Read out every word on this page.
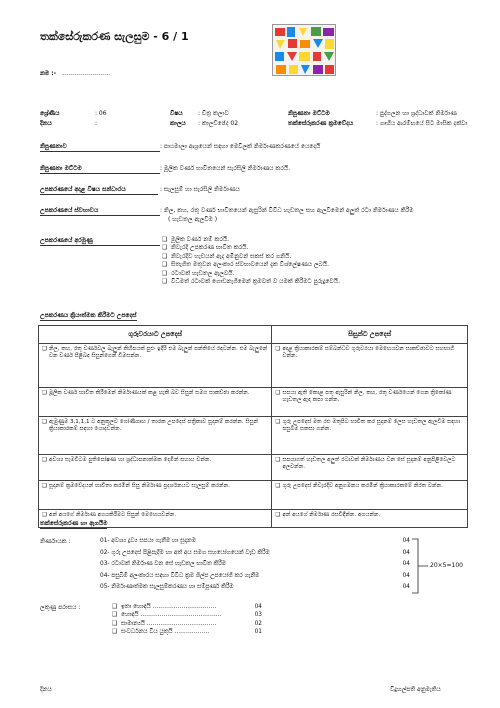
තක්සේරුකරණ සැලසුම - 6 / 1
නම :- ……………………
ශ්‍රේණිය	: 06	විෂය	: චිත්‍ර කලාව	නිපුණතා මට්ටම	: පුද්ගලන හා ශ්‍රද්ධාවක් නිර්මාණ
දිනය	:	කාලය	: කාලච්ඡේද 02	තක්සේරුකරණ ක්‍රමවේදය	: ගෘහීය ආරම්භයේ සිට මාසික දක්වා
නිපුණතාව	: පාඨමාලා ආශ්‍රයෙන් සඳහා මෙවිලක් නිර්මාණකරණයේ යෙදෙයි
නිපුණතා මට්ටම	: මූලික වර්ණ භාවිතයෙන් සැරසිලි නිර්මාණය කරයි.
උපකරණයේ අදාළ විෂය සන්ධාරය	: සැලසුම් හා සැරසිලි නිර්මාණය
උපකරණයේ ස්වභාවය	: නිල, කහ, රතු වර්ණ භාවිතයෙන් ඇසුරින් විවිධ හැඩතල සහ ඇලවීමෙන් අලුත් රටා නිර්මාණය කිරීම
( හැඩතල ඇලවීම )
උපකරණයේ අරමුණු	❑ මූලික වර්ණ නම් කරයි.
❑ නිවැරදි උපකරණ භාවිත කරයි.
❑ නිවැරදිව හැඩයන් ඇද අමිනුවන් සකස් කර ගනියි.
❑ සිතැගිත මතුවන අලංකාර ස්වභාවයෙන් දැක විශ්ලේෂණය ලබයි.
❑ රටාවක් හැඩතල ඇලවයි.
❑ විධිමත් රටාවක් ගොඩනැගීමෙන් ක්‍රමවත් ව යමක් කිරීමට පුරුදුවෙයි.
උපකරණය ක්‍රියාත්මක කිරීමට උපදෙස්
ගුරුවරයාට උපදෙස්	සිසුන්ට උපදෙස්

❑ නිල, කහ, රතු වර්ණවල බැලුන් කිහිපයක් පුළුං ඉදිරි එම බැලුන් පන්තියේ රඳවන්න. එම බැලුනේ වන වර්ණ පිළිබඳ සිසුන්ගෙන් විමසන්න.	❑ අදාළ ක්‍රියාකාරකම් සම්බන්ධව ගුරුවරයා මෙහෙයවන සාකච්ඡාවට සහභාගී වන්න.

❑ මූලික වර්ණ භාවිත කිරීමෙන් නිර්මාණයක් කළ හැකි බව සිසුන් සමග සාකච්ඡා කරන්න.	❑ සපයා ඇති කොළ පතු ඇසුරින් නිල, කහ, රතු වර්ණයෙන් ගෙන ත්‍රිකෝණ හැඩතල ඇඳ කපා ගන්න.

❑ ඇමුණුම 3,1,1,1 ට අනුකූලව ගෝණිගෘහ / තාරක උපදෙස් පත්‍රිකාව සූදානම් කරන්න. සිසුන් ක්‍රියාකාරකම් සඳහා යොදවන්න.	❑ ගුරු උපදෙස් මත රළු මතුපිට භාවිත කර සූදානම් ලෙස හැඩතල ඇලවීම සඳහා පසුබිම සකසා ගන්න.

❑ අවශ්‍ය සැමවිටම පුතිපෝෂණ හා ශ්‍රද්ධාපනාත්මක දෙමින් සහාය වන්න.	❑ සපයාගත් හැඩතල අලුත් රටාවක් නිර්මාණය වන සේ සූදානම් අනුපිළිවෙලට අලවන්න.

❑ සූදානම් ක්‍රමවේදයන් භාවිතා කරමින් සිසු නිර්මාණ ප්‍රදර්ශනයට සැලසුම් කරන්න.	❑ ගුරු උපදෙස් නිවැරදිව අනුගමනය කරමින් ක්‍රියාකාරකමේ නිරත වන්න.

❑ අන් අයගේ නිර්මාණ අගයකිරීමට සිසුන් මෙහෙයවන්න.	❑ අන් අයගේ නිර්මාණ රසවිඳින්න. අගයන්න.
තක්සේරුකරණ හා ඇගයීම
නිර්ණායක :	01- අවශ්‍ය ද්‍රව්‍ය සපයා ගැනීම හා සූදානම	04
02- ගුරු උපදෙස් පිළිපැදීම හා අත් අය සමග සහයෝගයෙන් වැඩ කිරීම	04
03- රටාවක් නිර්මාණ වන සේ හැඩතල භාවිත කිරීම	04
04- පසුබිම් අලංකාරය සඳහා විවිධ ක්‍රම ශිල්ප උපයෝගී කර ගැනීම	04
05- නිර්මාණාත්මක සැලසුම්කරණය හා සම්පූර්ණ කිරීම	04
20×5=100
ලකුණු පරාසය :	❑ ඉතා හොඳයි ……………………………	04
❑ හොඳයි ……………………………………	03
❑ සාමාන්‍යයි ………………………………	02
❑ සංවර්ධනය විය යුතුයි ………………	01
දිනය	විදුහල්පති අනුමැතිය
